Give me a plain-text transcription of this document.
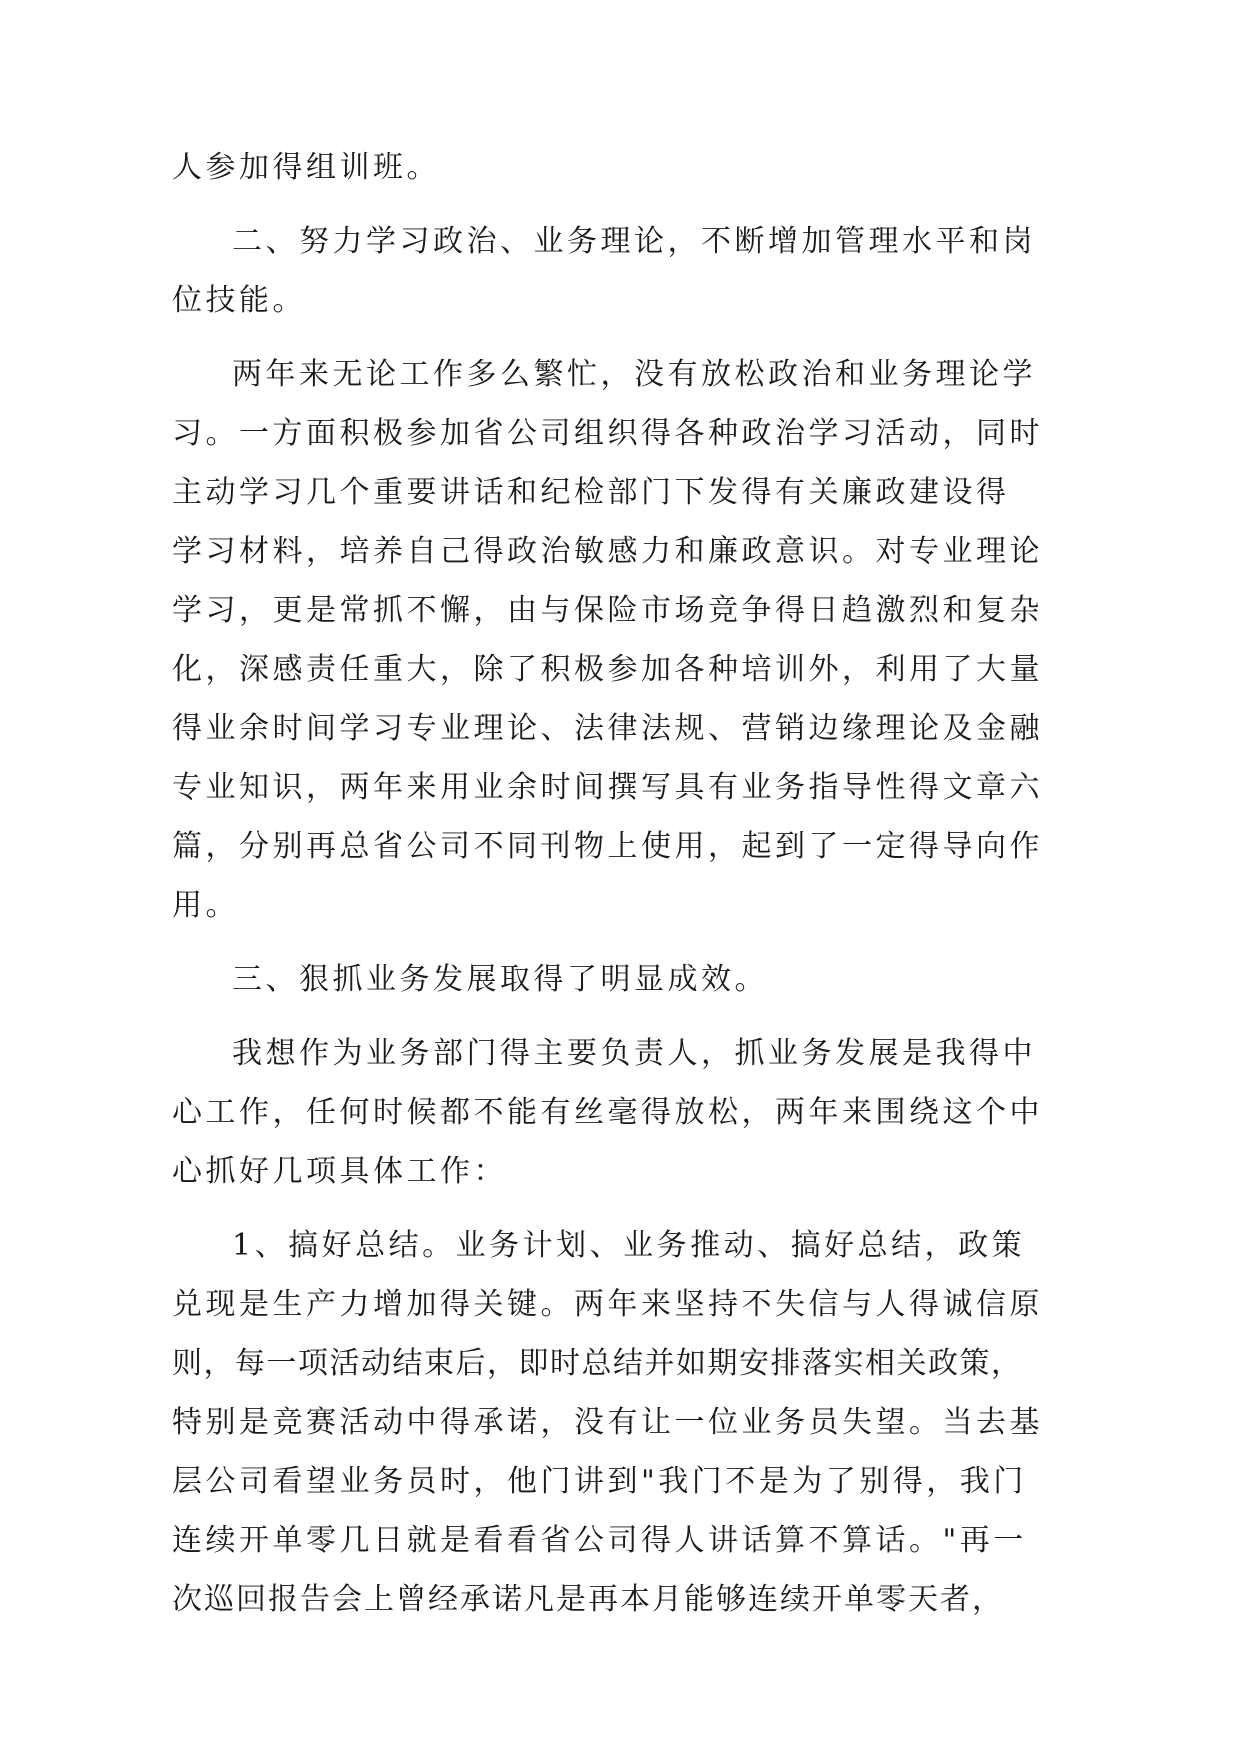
人参加得组训班。
二、努力学习政治、业务理论，不断增加管理水平和岗
位技能。
两年来无论工作多么繁忙，没有放松政治和业务理论学
习。一方面积极参加省公司组织得各种政治学习活动，同时
主动学习几个重要讲话和纪检部门下发得有关廉政建设得
学习材料，培养自己得政治敏感力和廉政意识。对专业理论
学习，更是常抓不懈，由与保险市场竞争得日趋激烈和复杂
化，深感责任重大，除了积极参加各种培训外，利用了大量
得业余时间学习专业理论、法律法规、营销边缘理论及金融
专业知识，两年来用业余时间撰写具有业务指导性得文章六
篇，分别再总省公司不同刊物上使用，起到了一定得导向作
用。
三、狠抓业务发展取得了明显成效。
我想作为业务部门得主要负责人，抓业务发展是我得中
心工作，任何时候都不能有丝毫得放松，两年来围绕这个中
心抓好几项具体工作：
1、搞好总结。业务计划、业务推动、搞好总结，政策
兑现是生产力增加得关键。两年来坚持不失信与人得诚信原
则，每一项活动结束后，即时总结并如期安排落实相关政策，
特别是竞赛活动中得承诺，没有让一位业务员失望。当去基
层公司看望业务员时，他门讲到"我门不是为了别得，我门
连续开单零几日就是看看省公司得人讲话算不算话。"再一
次巡回报告会上曾经承诺凡是再本月能够连续开单零天者，
